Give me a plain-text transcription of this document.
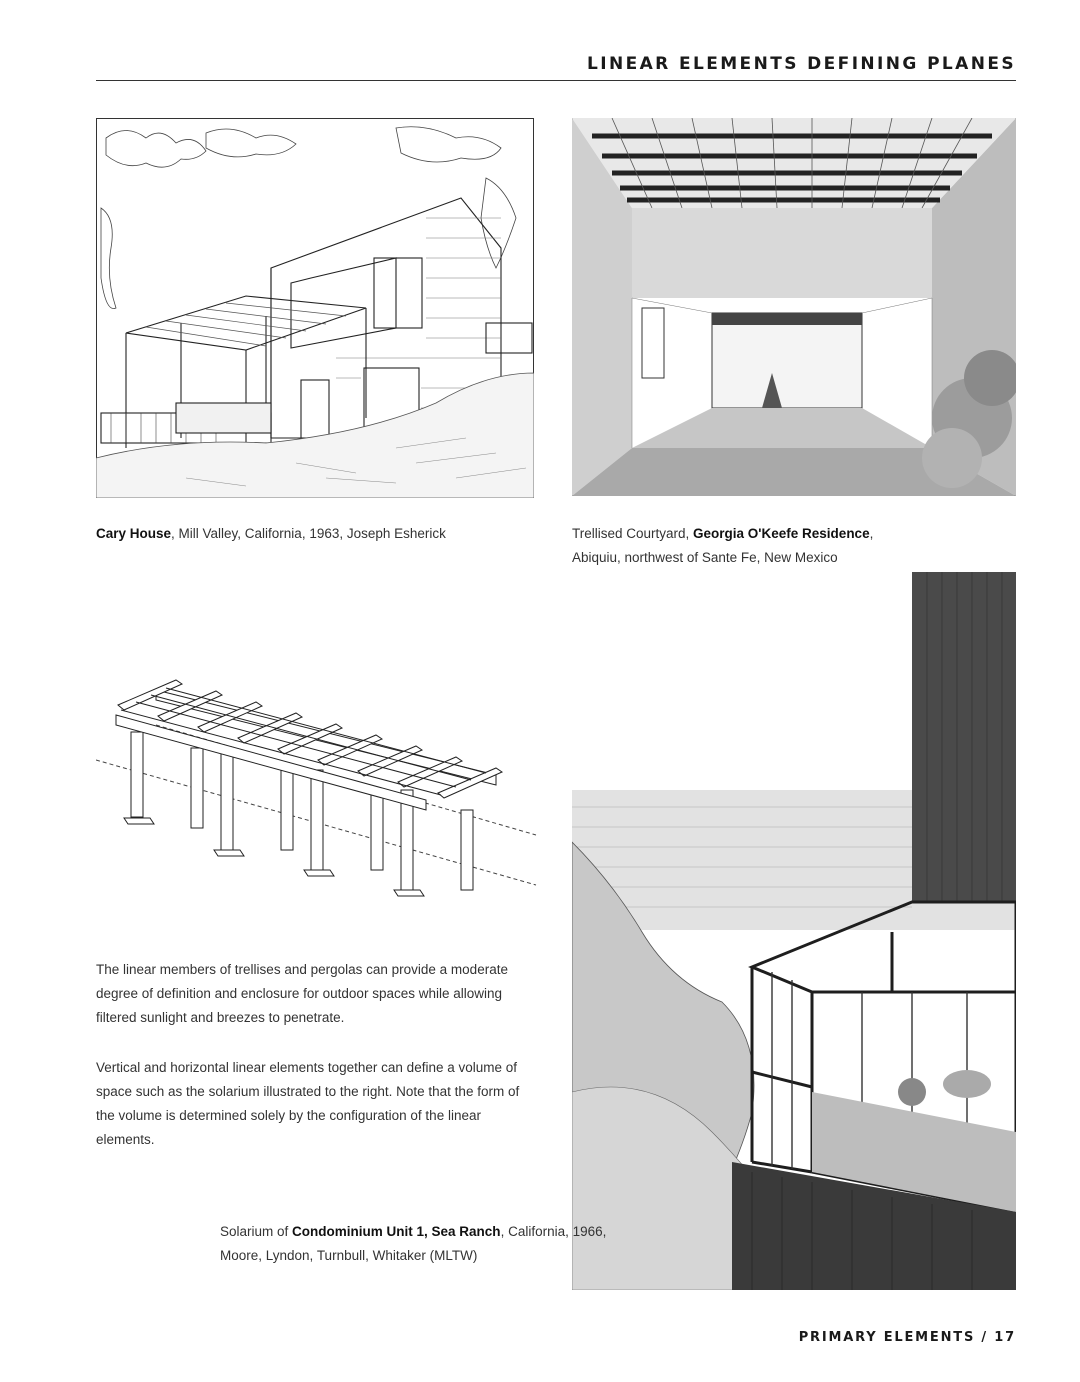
LINEAR ELEMENTS DEFINING PLANES
Cary House, Mill Valley, California, 1963, Joseph Esherick	Trellised Courtyard, Georgia O'Keefe Residence,
Abiquiu, northwest of Sante Fe, New Mexico
The linear members of trellises and pergolas can provide a moderate degree of definition and enclosure for outdoor spaces while allowing filtered sunlight and breezes to penetrate.
Vertical and horizontal linear elements together can define a volume of space such as the solarium illustrated to the right. Note that the form of the volume is determined solely by the configuration of the linear elements.
Solarium of Condominium Unit 1, Sea Ranch, California, 1966,
Moore, Lyndon, Turnbull, Whitaker (MLTW)
PRIMARY ELEMENTS / 17
